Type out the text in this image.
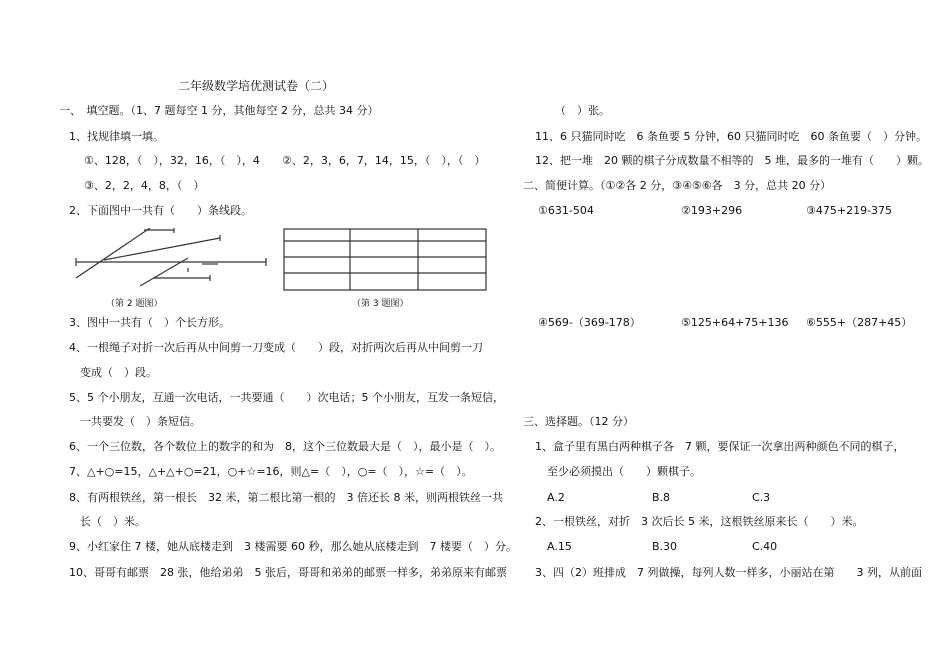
二年级数学培优测试卷（二）
一、　填空题。（1、7 题每空 1 分，其他每空 2 分，总共 34 分）
1、找规律填一填。
①、128，（　），32，16，（　），4 ②、2，3，6，7，14，15，（　），（　）
③、2，2，4，8，（　）
2、下面图中一共有（　　）条线段。
（第 2 题图）	（第 3 题图）
3、图中一共有（　）个长方形。
4、一根绳子对折一次后再从中间剪一刀变成（　　）段，对折两次后再从中间剪一刀
变成（　）段。
5、5 个小朋友，互通一次电话，一共要通（　　）次电话；5 个小朋友，互发一条短信，
一共要发（　）条短信。
6、一个三位数，各个数位上的数字的和为　8，这个三位数最大是（　），最小是（　）。
7、△+○=15，△+△+○=21，○+☆=16，则△=（　），○=（　），☆=（　）。
8、有两根铁丝，第一根长　32 米，第二根比第一根的　3 倍还长 8 米，则两根铁丝一共
长（　）米。
9、小红家住 7 楼，她从底楼走到　3 楼需要 60 秒，那么她从底楼走到　7 楼要（　）分。
10、哥哥有邮票　28 张，他给弟弟　5 张后，哥哥和弟弟的邮票一样多，弟弟原来有邮票
（　）张。
11、6 只猫同时吃　6 条鱼要 5 分钟，60 只猫同时吃　60 条鱼要（　）分钟。
12、把一堆　20 颗的棋子分成数量不相等的　5 堆，最多的一堆有（　　）颗。
二、简便计算。（①②各 2 分，③④⑤⑥各　3 分，总共 20 分）
①631-504	②193+296	③475+219-375
④569-（369-178）	⑤125+64+75+136 ⑥555+（287+45）
三、选择题。（12 分）
1、盒子里有黑白两种棋子各　7 颗，要保证一次拿出两种颜色不同的棋子，
至少必须摸出（　　）颗棋子。
A.2	B.8	C.3
2、一根铁丝，对折　3 次后长 5 米，这根铁丝原来长（　　）米。
A.15	B.30	C.40
3、四（2）班排成　7 列做操，每列人数一样多，小丽站在第　　3 列，从前面
